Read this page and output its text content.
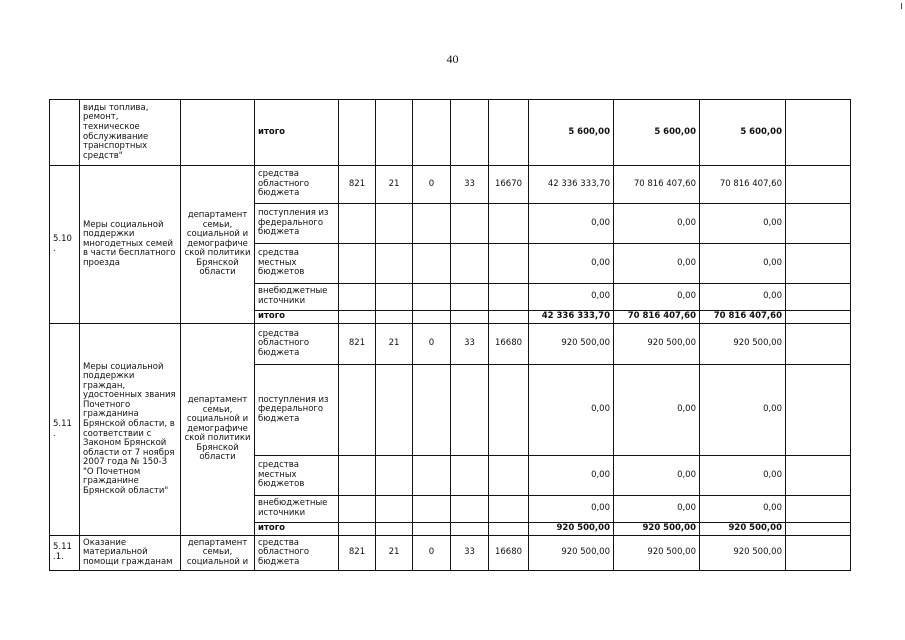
40
	виды топлива, ремонт, техническое обслуживание транспортных средств"		итого						5 600,00	5 600,00	5 600,00	
5.10 .	Меры социальной поддержки многодетных семей в части бесплатного проезда	департамент семьи, социальной и демографиче ской политики Брянской области	средства областного бюджета	821	21	0	33	16670	42 336 333,70	70 816 407,60	70 816 407,60	
			поступления из федерального бюджета						0,00	0,00	0,00	
			средства местных бюджетов						0,00	0,00	0,00	
			внебюджетные источники						0,00	0,00	0,00	
			итого						42 336 333,70	70 816 407,60	70 816 407,60	
5.11 .	Меры социальной поддержки граждан, удостоенных звания Почетного гражданина Брянской области, в соответствии с Законом Брянской области от 7 ноября 2007 года № 150-З "О Почетном гражданине Брянской области"	департамент семьи, социальной и демографиче ской политики Брянской области	средства областного бюджета	821	21	0	33	16680	920 500,00	920 500,00	920 500,00	
			поступления из федерального бюджета						0,00	0,00	0,00	
			средства местных бюджетов						0,00	0,00	0,00	
			внебюджетные источники						0,00	0,00	0,00	
			итого						920 500,00	920 500,00	920 500,00	
5.11 .1.	Оказание материальной помощи гражданам	департамент семьи, социальной и	средства областного бюджета	821	21	0	33	16680	920 500,00	920 500,00	920 500,00	
